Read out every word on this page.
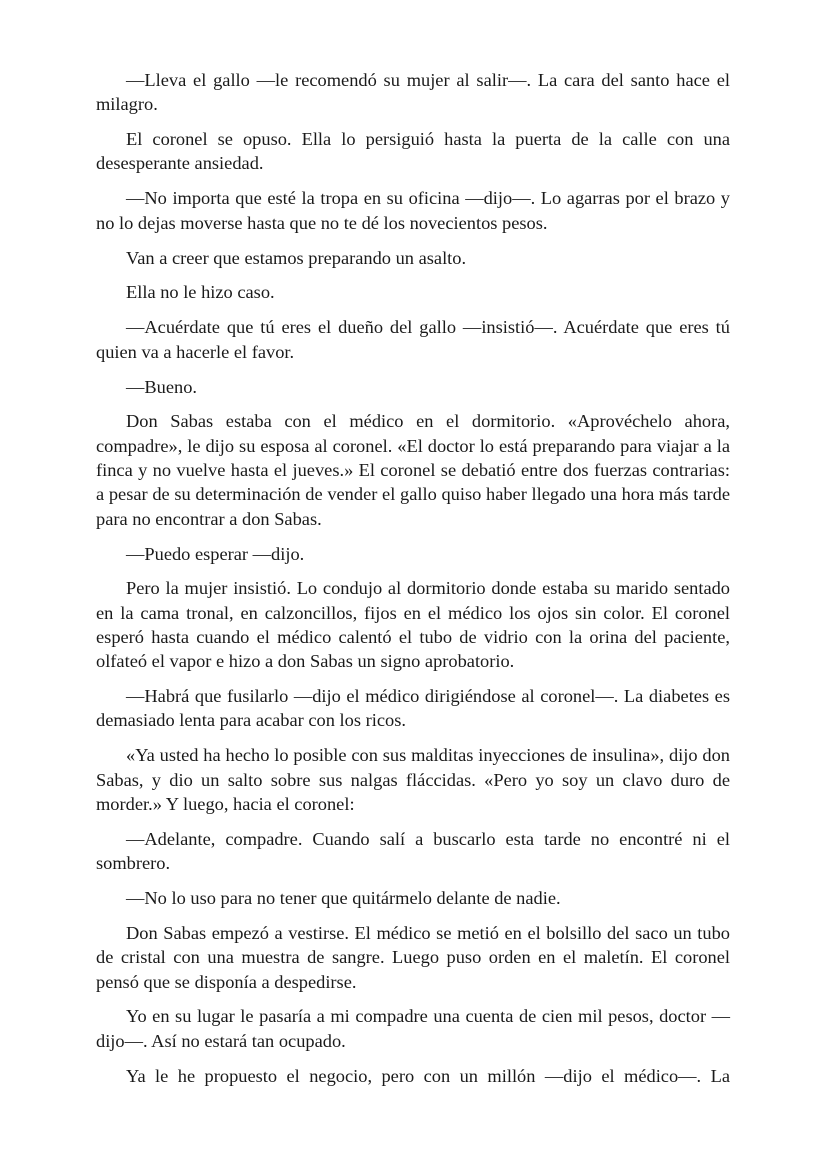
—Lleva el gallo —le recomendó su mujer al salir—. La cara del santo hace el milagro.

El coronel se opuso. Ella lo persiguió hasta la puerta de la calle con una desesperante ansiedad.

—No importa que esté la tropa en su oficina —dijo—. Lo agarras por el brazo y no lo dejas moverse hasta que no te dé los novecientos pesos.

Van a creer que estamos preparando un asalto.

Ella no le hizo caso.

—Acuérdate que tú eres el dueño del gallo —insistió—. Acuérdate que eres tú quien va a hacerle el favor.

—Bueno.

Don Sabas estaba con el médico en el dormitorio. «Aprovéchelo ahora, compadre», le dijo su esposa al coronel. «El doctor lo está preparando para viajar a la finca y no vuelve hasta el jueves.» El coronel se debatió entre dos fuerzas contrarias: a pesar de su determinación de vender el gallo quiso haber llegado una hora más tarde para no encontrar a don Sabas.

—Puedo esperar —dijo.

Pero la mujer insistió. Lo condujo al dormitorio donde estaba su marido sentado en la cama tronal, en calzoncillos, fijos en el médico los ojos sin color. El coronel esperó hasta cuando el médico calentó el tubo de vidrio con la orina del paciente, olfateó el vapor e hizo a don Sabas un signo aprobatorio.

—Habrá que fusilarlo —dijo el médico dirigiéndose al coronel—. La diabetes es demasiado lenta para acabar con los ricos.

«Ya usted ha hecho lo posible con sus malditas inyecciones de insulina», dijo don Sabas, y dio un salto sobre sus nalgas fláccidas. «Pero yo soy un clavo duro de morder.» Y luego, hacia el coronel:

—Adelante, compadre. Cuando salí a buscarlo esta tarde no encontré ni el sombrero.

—No lo uso para no tener que quitármelo delante de nadie.

Don Sabas empezó a vestirse. El médico se metió en el bolsillo del saco un tubo de cristal con una muestra de sangre. Luego puso orden en el maletín. El coronel pensó que se disponía a despedirse.

Yo en su lugar le pasaría a mi compadre una cuenta de cien mil pesos, doctor —dijo—. Así no estará tan ocupado.

Ya le he propuesto el negocio, pero con un millón —dijo el médico—. La
